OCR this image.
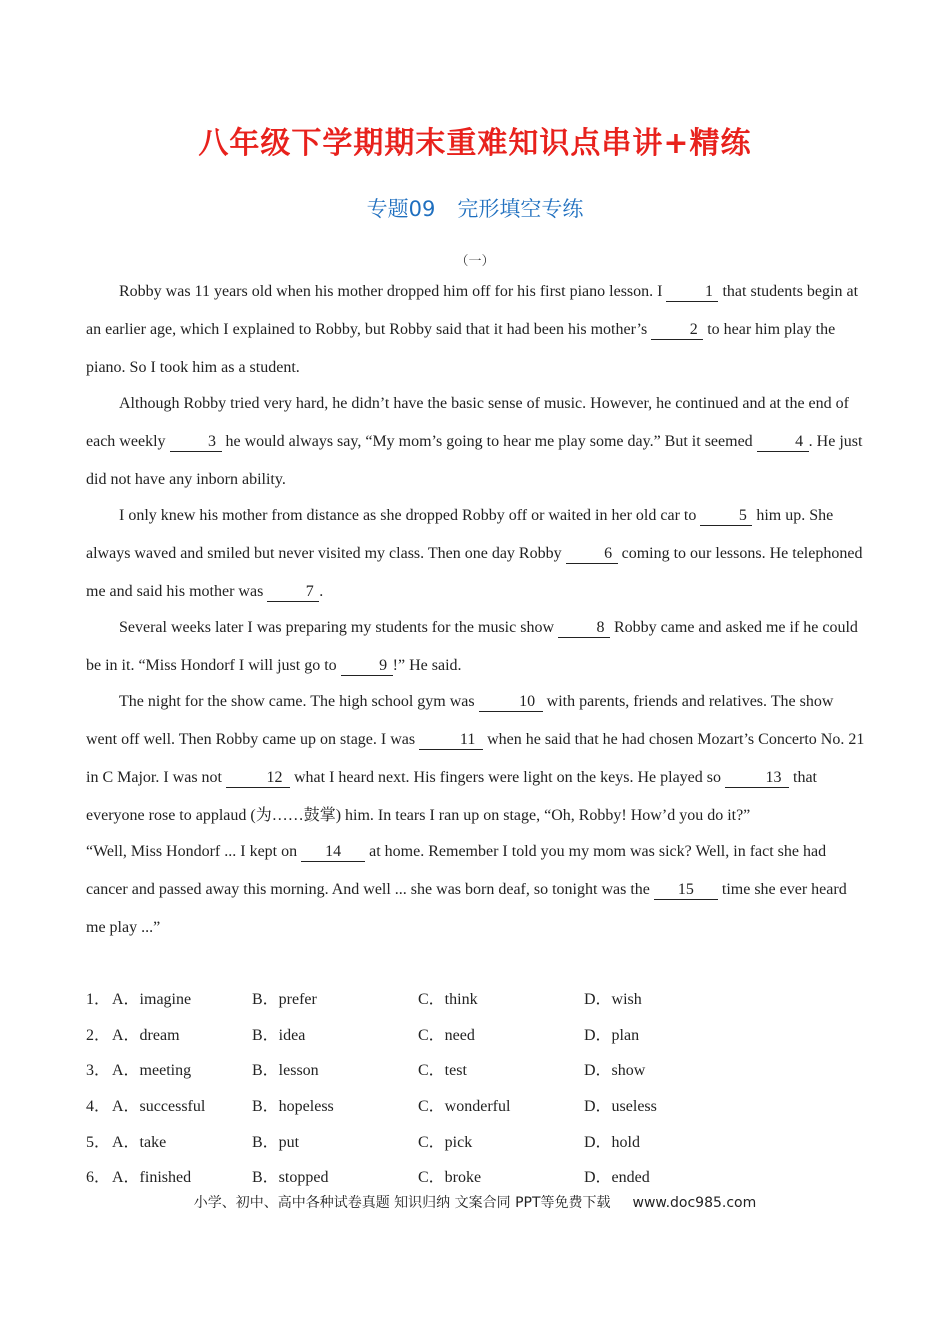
八年级下学期期末重难知识点串讲+精练
专题09 完形填空专练
（一）

Robby was 11 years old when his mother dropped him off for his first piano lesson. I 1 that students begin at an earlier age, which I explained to Robby, but Robby said that it had been his mother’s 2 to hear him play the piano. So I took him as a student.

Although Robby tried very hard, he didn’t have the basic sense of music. However, he continued and at the end of each weekly 3 he would always say, “My mom’s going to hear me play some day.” But it seemed 4 . He just did not have any inborn ability.

I only knew his mother from distance as she dropped Robby off or waited in her old car to 5 him up. She always waved and smiled but never visited my class. Then one day Robby 6 coming to our lessons. He telephoned me and said his mother was 7 .

Several weeks later I was preparing my students for the music show 8 Robby came and asked me if he could be in it. “Miss Hondorf I will just go to 9 !” He said.

The night for the show came. The high school gym was	10 with parents, friends and relatives. The show went off well. Then Robby came up on stage. I was	11 when he said that he had chosen Mozart’s Concerto No. 21 in C Major. I was not	12 what I heard next. His fingers were light on the keys. He played so	13 that everyone rose to applaud (为……鼓掌) him. In tears I ran up on stage, “Oh, Robby! How’d you do it?”

“Well, Miss Hondorf ... I kept on 14 at home. Remember I told you my mom was sick? Well, in fact she had cancer and passed away this morning. And well ... she was born deaf, so tonight was the 15 time she ever heard me play ...”

1． A．imagine	B．prefer	C．think	D．wish
2． A．dream	B．idea	C．need	D．plan
3． A．meeting	B．lesson	C．test	D．show
4． A．successful	B．hopeless	C．wonderful	D．useless
5． A．take	B．put	C．pick	D．hold
6． A．finished	B．stopped	C．broke	D．ended
小学、初中、高中各种试卷真题 知识归纳 文案合同 PPT等免费下载 www.doc985.com
